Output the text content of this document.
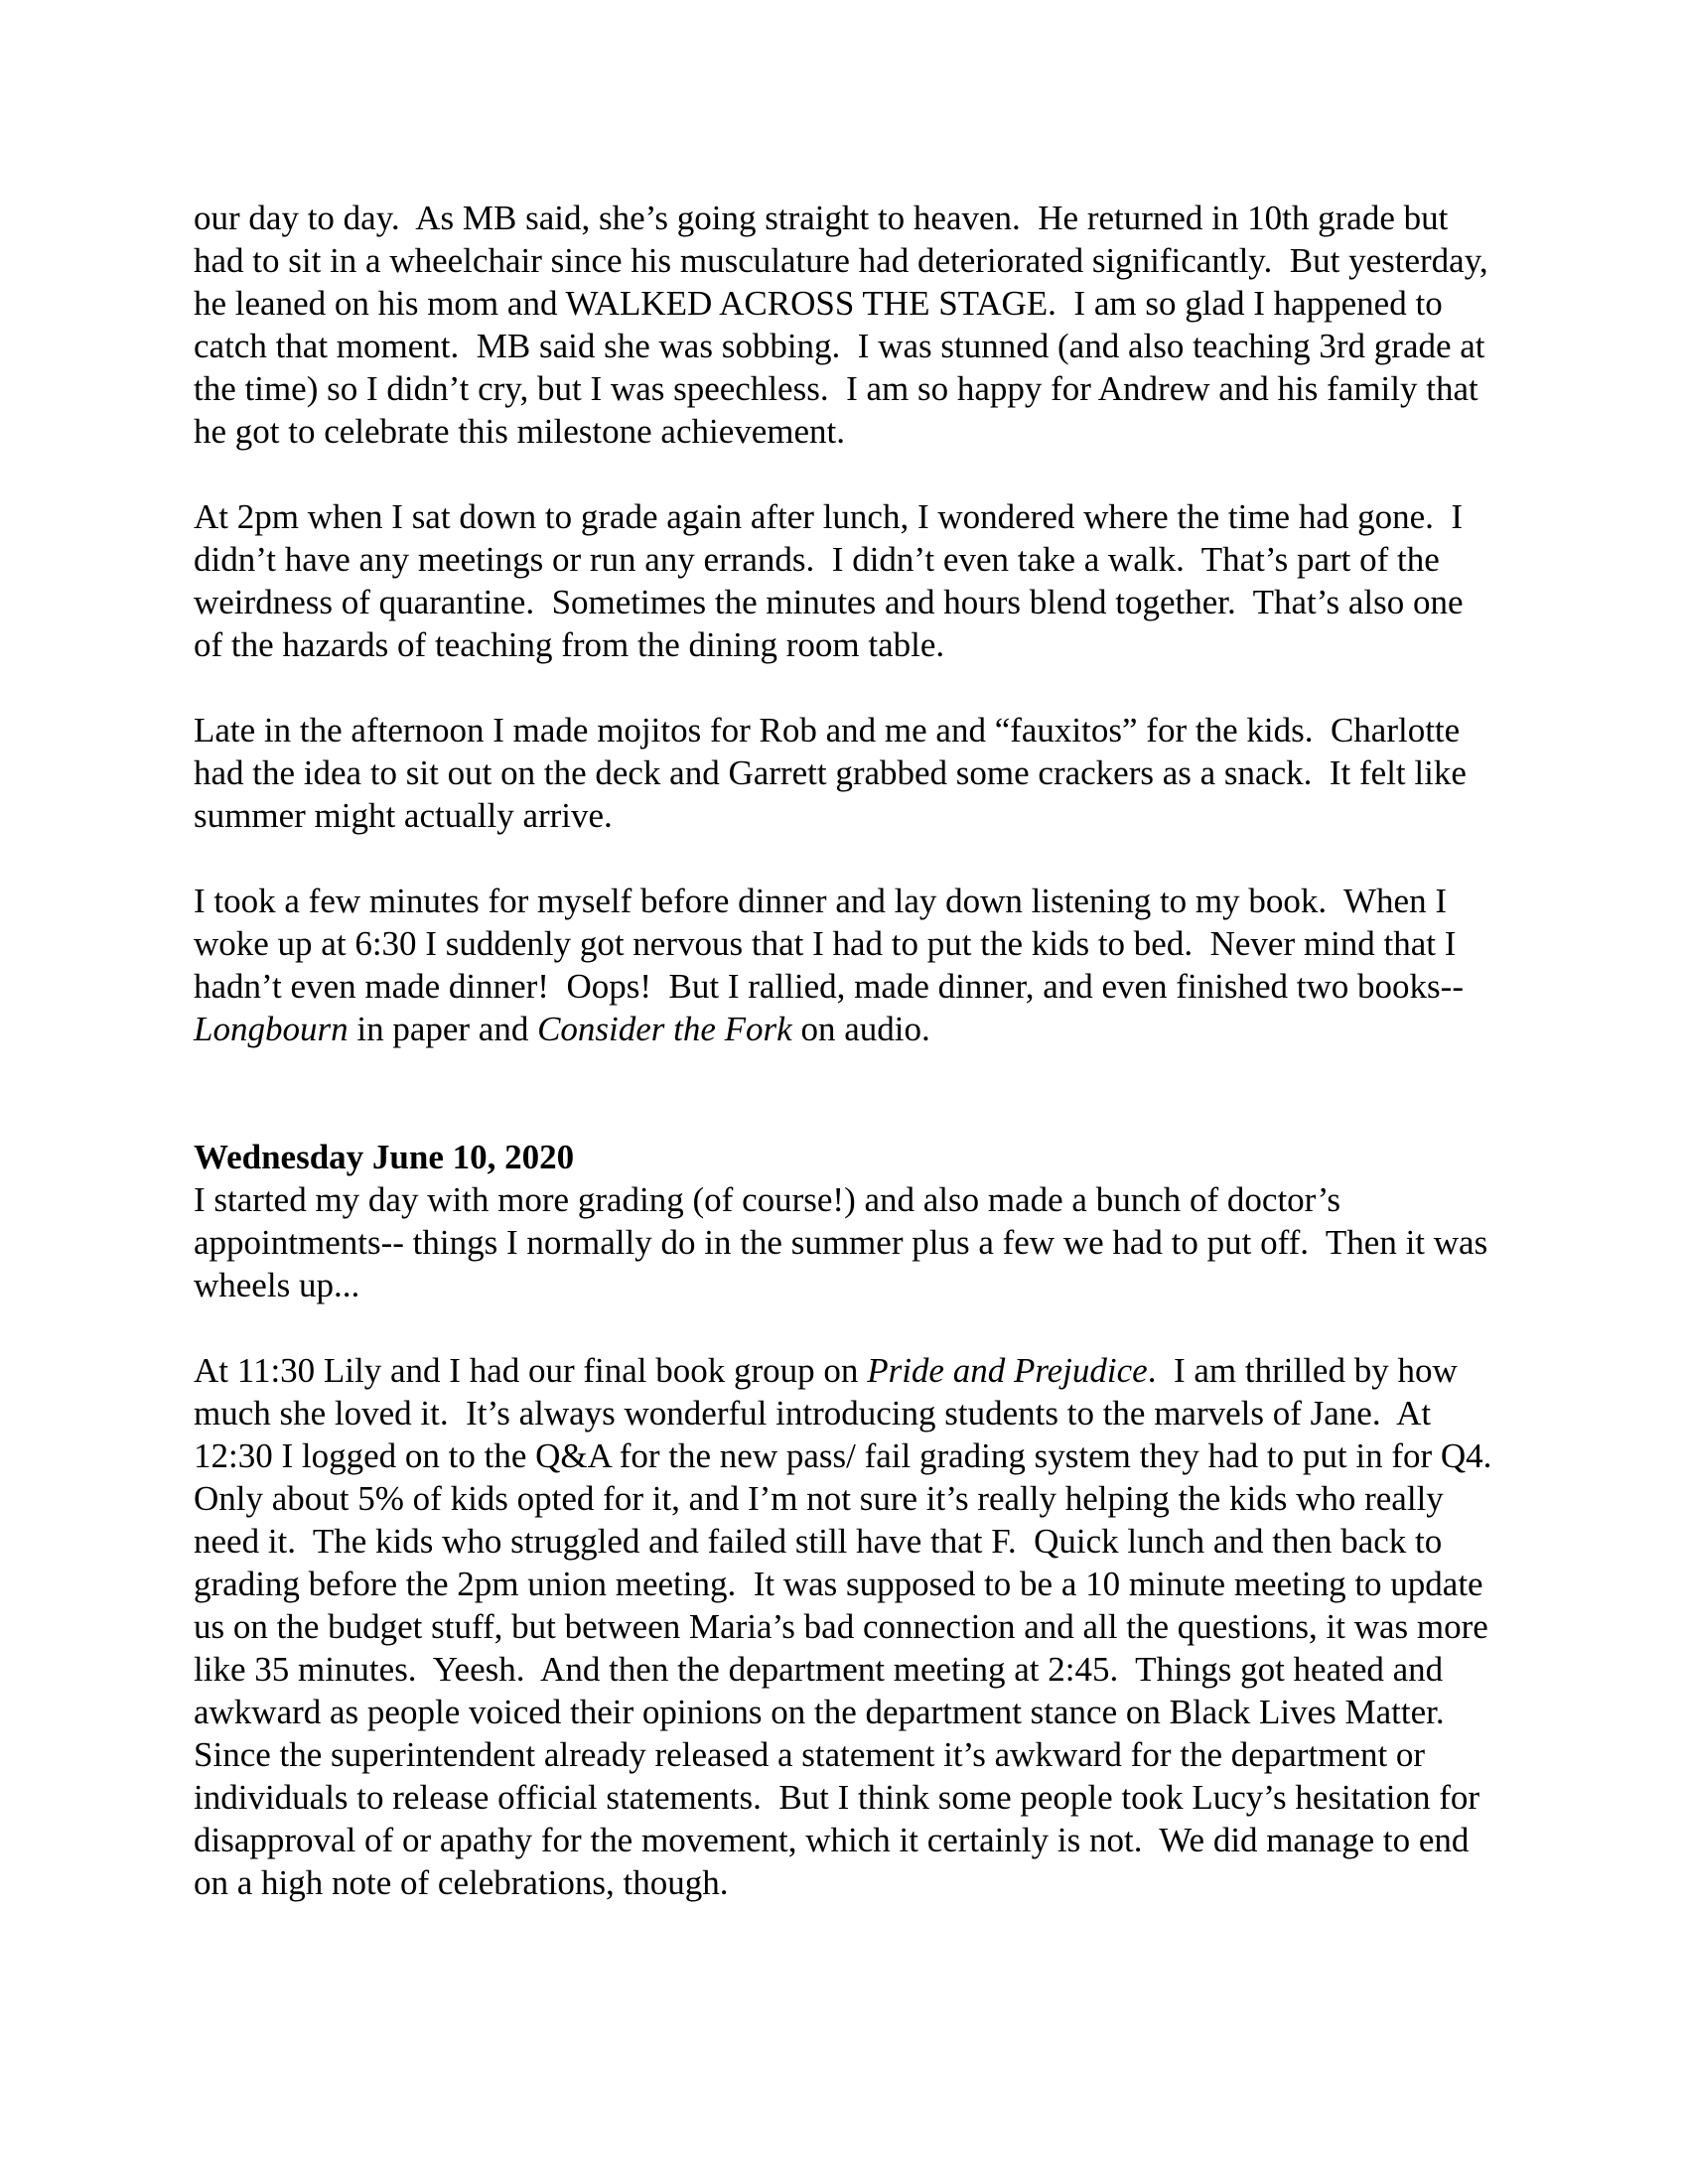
our day to day.  As MB said, she’s going straight to heaven.  He returned in 10th grade but had to sit in a wheelchair since his musculature had deteriorated significantly.  But yesterday, he leaned on his mom and WALKED ACROSS THE STAGE.  I am so glad I happened to catch that moment.  MB said she was sobbing.  I was stunned (and also teaching 3rd grade at the time) so I didn’t cry, but I was speechless.  I am so happy for Andrew and his family that he got to celebrate this milestone achievement.

At 2pm when I sat down to grade again after lunch, I wondered where the time had gone.  I didn’t have any meetings or run any errands.  I didn’t even take a walk.  That’s part of the weirdness of quarantine.  Sometimes the minutes and hours blend together.  That’s also one of the hazards of teaching from the dining room table.

Late in the afternoon I made mojitos for Rob and me and “fauxitos” for the kids.  Charlotte had the idea to sit out on the deck and Garrett grabbed some crackers as a snack.  It felt like summer might actually arrive.

I took a few minutes for myself before dinner and lay down listening to my book.  When I woke up at 6:30 I suddenly got nervous that I had to put the kids to bed.  Never mind that I hadn’t even made dinner!  Oops!  But I rallied, made dinner, and even finished two books-- Longbourn in paper and Consider the Fork on audio.

Wednesday June 10, 2020

I started my day with more grading (of course!) and also made a bunch of doctor’s appointments-- things I normally do in the summer plus a few we had to put off.  Then it was wheels up...

At 11:30 Lily and I had our final book group on Pride and Prejudice.  I am thrilled by how much she loved it.  It’s always wonderful introducing students to the marvels of Jane.  At 12:30 I logged on to the Q&A for the new pass/ fail grading system they had to put in for Q4.  Only about 5% of kids opted for it, and I’m not sure it’s really helping the kids who really need it.  The kids who struggled and failed still have that F.  Quick lunch and then back to grading before the 2pm union meeting.  It was supposed to be a 10 minute meeting to update us on the budget stuff, but between Maria’s bad connection and all the questions, it was more like 35 minutes.  Yeesh.  And then the department meeting at 2:45.  Things got heated and awkward as people voiced their opinions on the department stance on Black Lives Matter.  Since the superintendent already released a statement it’s awkward for the department or individuals to release official statements.  But I think some people took Lucy’s hesitation for disapproval of or apathy for the movement, which it certainly is not.  We did manage to end on a high note of celebrations, though.
